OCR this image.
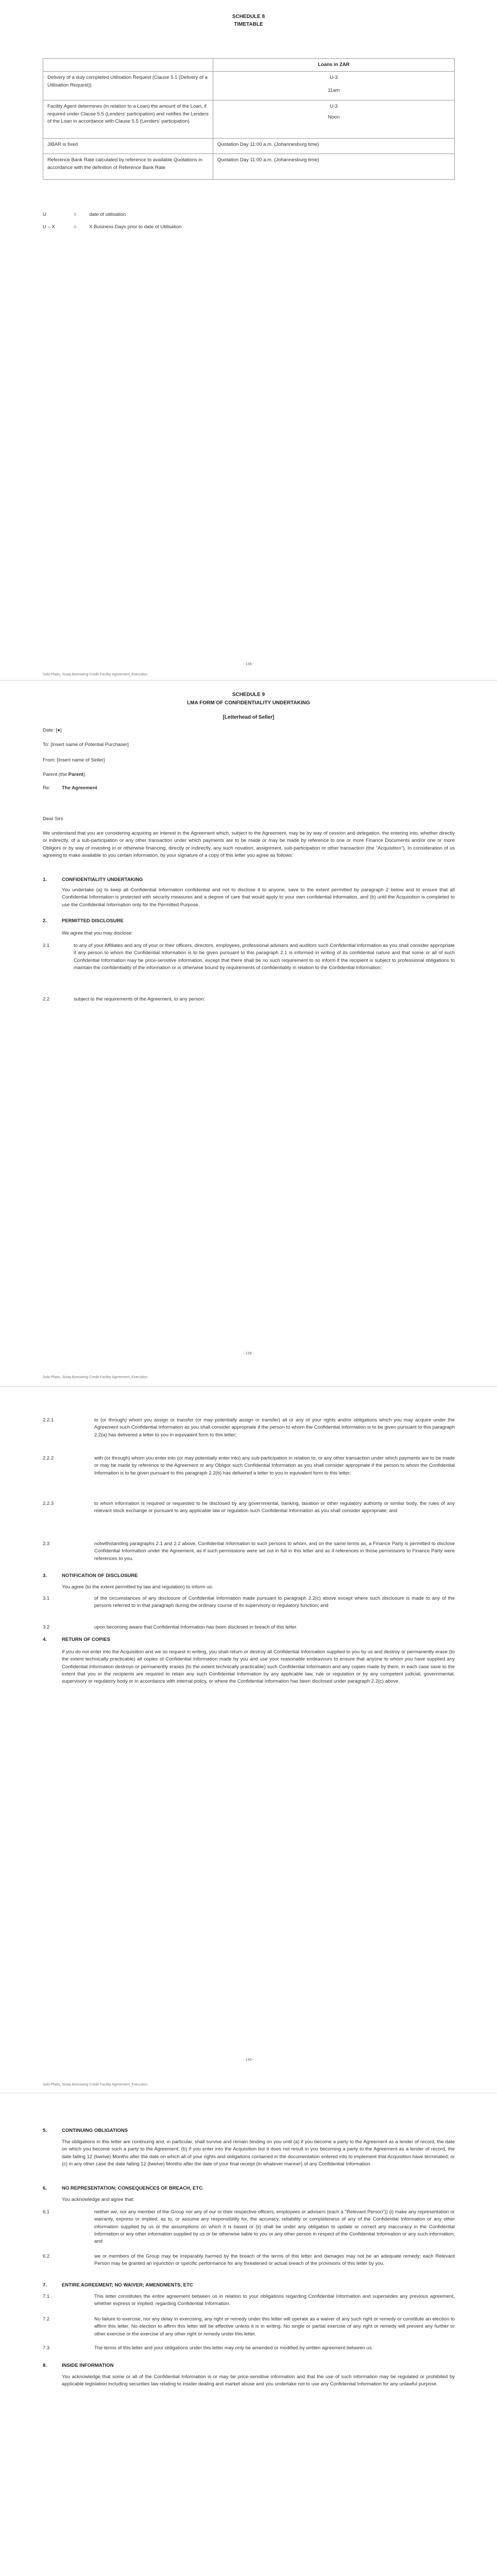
SCHEDULE 8
TIMETABLE
	Loans in ZAR
Delivery of a duly completed Utilisation Request (Clause 5.1 (Delivery of a Utilisation Request))	U-3
11am

Facility Agent determines (in relation to a Loan) the amount of the Loan, if required under Clause 5.5 (Lenders' participation) and notifies the Lenders of the Loan in accordance with Clause 5.5 (Lenders' participation)	U-3
Noon

JIBAR is fixed	Quotation Day 11:00 a.m. (Johannesburg time)
Reference Bank Rate calculated by reference to available Quotations in accordance with the definition of Reference Bank Rate	Quotation Day 11:00 a.m. (Johannesburg time)
U	=	date of utilisation
U – X	=	X Business Days prior to date of Utilisation
- 138 -
Sobi-Platis, Sisaq Borrowing Credit Facility Agreement_Execution
SCHEDULE 9
LMA FORM OF CONFIDENTIALITY UNDERTAKING
[Letterhead of Seller]
Date: [●]
To: [Insert name of Potential Purchaser]
From: [Insert name of Seller]
Parent (the Parent)
Re:	The Agreement
Dear Sirs
We understand that you are considering acquiring an interest in the Agreement which, subject to the Agreement, may be by way of cession and delegation, the entering into, whether directly or indirectly, of a sub-participation or any other transaction under which payments are to be made or may be made by reference to one or more Finance Documents and/or one or more Obligors or by way of investing in or otherwise financing, directly or indirectly, any such novation, assignment, sub-participation or other transaction (the "Acquisition"). In consideration of us agreeing to make available to you certain information, by your signature of a copy of this letter you agree as follows:
1.	CONFIDENTIALITY UNDERTAKING
You undertake (a) to keep all Confidential Information confidential and not to disclose it to anyone, save to the extent permitted by paragraph 2 below and to ensure that all Confidential Information is protected with security measures and a degree of care that would apply to your own confidential information, and (b) until the Acquisition is completed to use the Confidential Information only for the Permitted Purpose.
2.	PERMITTED DISCLOSURE
We agree that you may disclose:
2.1	to any of your Affiliates and any of your or their officers, directors, employees, professional advisers and auditors such Confidential Information as you shall consider appropriate if any person to whom the Confidential Information is to be given pursuant to this paragraph 2.1 is informed in writing of its confidential nature and that some or all of such Confidential Information may be price-sensitive information, except that there shall be no such requirement to so inform if the recipient is subject to professional obligations to maintain the confidentiality of the information or is otherwise bound by requirements of confidentiality in relation to the Confidential Information;
2.2	subject to the requirements of the Agreement, to any person:
- 139 -
Sobi-Platis, Sisaq Borrowing Credit Facility Agreement_Execution
2.2.1	to (or through) whom you assign or transfer (or may potentially assign or transfer) all or any of your rights and/or obligations which you may acquire under the Agreement such Confidential Information as you shall consider appropriate if the person to whom the Confidential Information is to be given pursuant to this paragraph 2.2(a) has delivered a letter to you in equivalent form to this letter;
2.2.2	with (or through) whom you enter into (or may potentially enter into) any sub-participation in relation to, or any other transaction under which payments are to be made or may be made by reference to the Agreement or any Obligor such Confidential Information as you shall consider appropriate if the person to whom the Confidential Information is to be given pursuant to this paragraph 2.2(b) has delivered a letter to you in equivalent form to this letter;
2.2.3	to whom information is required or requested to be disclosed by any governmental, banking, taxation or other regulatory authority or similar body, the rules of any relevant stock exchange or pursuant to any applicable law or regulation such Confidential Information as you shall consider appropriate; and
2.3	notwithstanding paragraphs 2.1 and 2.2 above, Confidential Information to such persons to whom, and on the same terms as, a Finance Party is permitted to disclose Confidential Information under the Agreement, as if such permissions were set out in full in this letter and as if references in those permissions to Finance Party were references to you.
3.	NOTIFICATION OF DISCLOSURE
You agree (to the extent permitted by law and regulation) to inform us:
3.1	of the circumstances of any disclosure of Confidential Information made pursuant to paragraph 2.2(c) above except where such disclosure is made to any of the persons referred to in that paragraph during the ordinary course of its supervisory or regulatory function; and
3.2	upon becoming aware that Confidential Information has been disclosed in breach of this letter.
4.	RETURN OF COPIES
If you do not enter into the Acquisition and we so request in writing, you shall return or destroy all Confidential Information supplied to you by us and destroy or permanently erase (to the extent technically practicable) all copies of Confidential Information made by you and use your reasonable endeavours to ensure that anyone to whom you have supplied any Confidential Information destroys or permanently erases (to the extent technically practicable) such Confidential Information and any copies made by them, in each case save to the extent that you or the recipients are required to retain any such Confidential Information by any applicable law, rule or regulation or by any competent judicial, governmental, supervisory or regulatory body or in accordance with internal policy, or where the Confidential Information has been disclosed under paragraph 2.2(c) above.
- 140 -
Sobi-Platis, Sisaq Borrowing Credit Facility Agreement_Execution
5.	CONTINUING OBLIGATIONS
The obligations in this letter are continuing and, in particular, shall survive and remain binding on you until (a) if you become a party to the Agreement as a lender of record, the date on which you become such a party to the Agreement; (b) if you enter into the Acquisition but it does not result in you becoming a party to the Agreement as a lender of record, the date falling 12 (twelve) Months after the date on which all of your rights and obligations contained in the documentation entered into to implement that Acquisition have terminated; or (c) in any other case the date falling 12 (twelve) Months after the date of your final receipt (in whatever manner) of any Confidential Information.
6.	NO REPRESENTATION; CONSEQUENCES OF BREACH, ETC.
You acknowledge and agree that:
6.1	neither we, nor any member of the Group nor any of our or their respective officers, employees or advisers (each a "Relevant Person")) (i) make any representation or warranty, express or implied, as to, or assume any responsibility for, the accuracy, reliability or completeness of any of the Confidential Information or any other information supplied by us or the assumptions on which it is based or (ii) shall be under any obligation to update or correct any inaccuracy in the Confidential Information or any other information supplied by us or be otherwise liable to you or any other person in respect of the Confidential Information or any such information; and
6.2	we or members of the Group may be irreparably harmed by the breach of the terms of this letter and damages may not be an adequate remedy; each Relevant Person may be granted an injunction or specific performance for any threatened or actual breach of the provisions of this letter by you.
7.	ENTIRE AGREEMENT; NO WAIVER; AMENDMENTS, ETC
7.1	This letter constitutes the entire agreement between us in relation to your obligations regarding Confidential Information and supersedes any previous agreement, whether express or implied, regarding Confidential Information.
7.2	No failure to exercise, nor any delay in exercising, any right or remedy under this letter will operate as a waiver of any such right or remedy or constitute an election to affirm this letter. No election to affirm this letter will be effective unless it is in writing. No single or partial exercise of any right or remedy will prevent any further or other exercise or the exercise of any other right or remedy under this letter.
7.3	The terms of this letter and your obligations under this letter may only be amended or modified by written agreement between us.
8.	INSIDE INFORMATION
You acknowledge that some or all of the Confidential Information is or may be price-sensitive information and that the use of such information may be regulated or prohibited by applicable legislation including securities law relating to insider dealing and market abuse and you undertake not to use any Confidential Information for any unlawful purpose.
